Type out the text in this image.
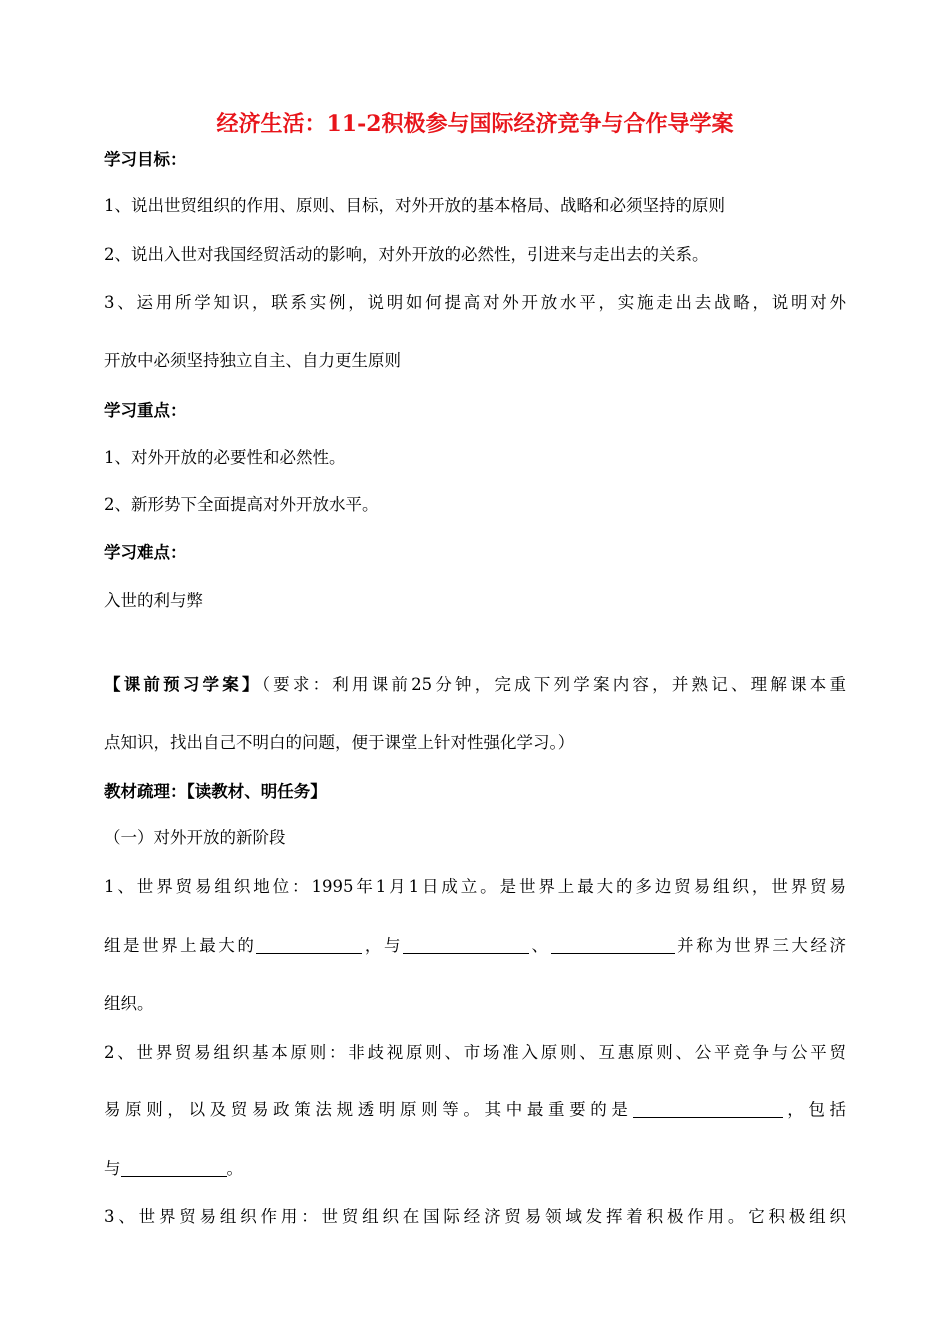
经济生活：11-2积极参与国际经济竞争与合作导学案
学习目标：
1、说出世贸组织的作用、原则、目标，对外开放的基本格局、战略和必须坚持的原则
2、说出入世对我国经贸活动的影响，对外开放的必然性，引进来与走出去的关系。
3、运用所学知识，联系实例，说明如何提高对外开放水平，实施走出去战略，说明对外
开放中必须坚持独立自主、自力更生原则
学习重点：
1、对外开放的必要性和必然性。
2、新形势下全面提高对外开放水平。
学习难点：
入世的利与弊
【课前预习学案】（要求：利用课前25分钟，完成下列学案内容，并熟记、理解课本重
点知识，找出自己不明白的问题，便于课堂上针对性强化学习。）
教材疏理：【读教材、明任务】
（一）对外开放的新阶段
1、世界贸易组织地位：1995年1月1日成立。是世界上最大的多边贸易组织，世界贸易
组是世界上最大的	，与	、	并称为世界三大经济
组织。
2、世界贸易组织基本原则：非歧视原则、市场准入原则、互惠原则、公平竞争与公平贸
易原则，以及贸易政策法规透明原则等。其中最重要的是	，包括
与	。
3、世界贸易组织作用：世贸组织在国际经济贸易领域发挥着积极作用。它积极组织
